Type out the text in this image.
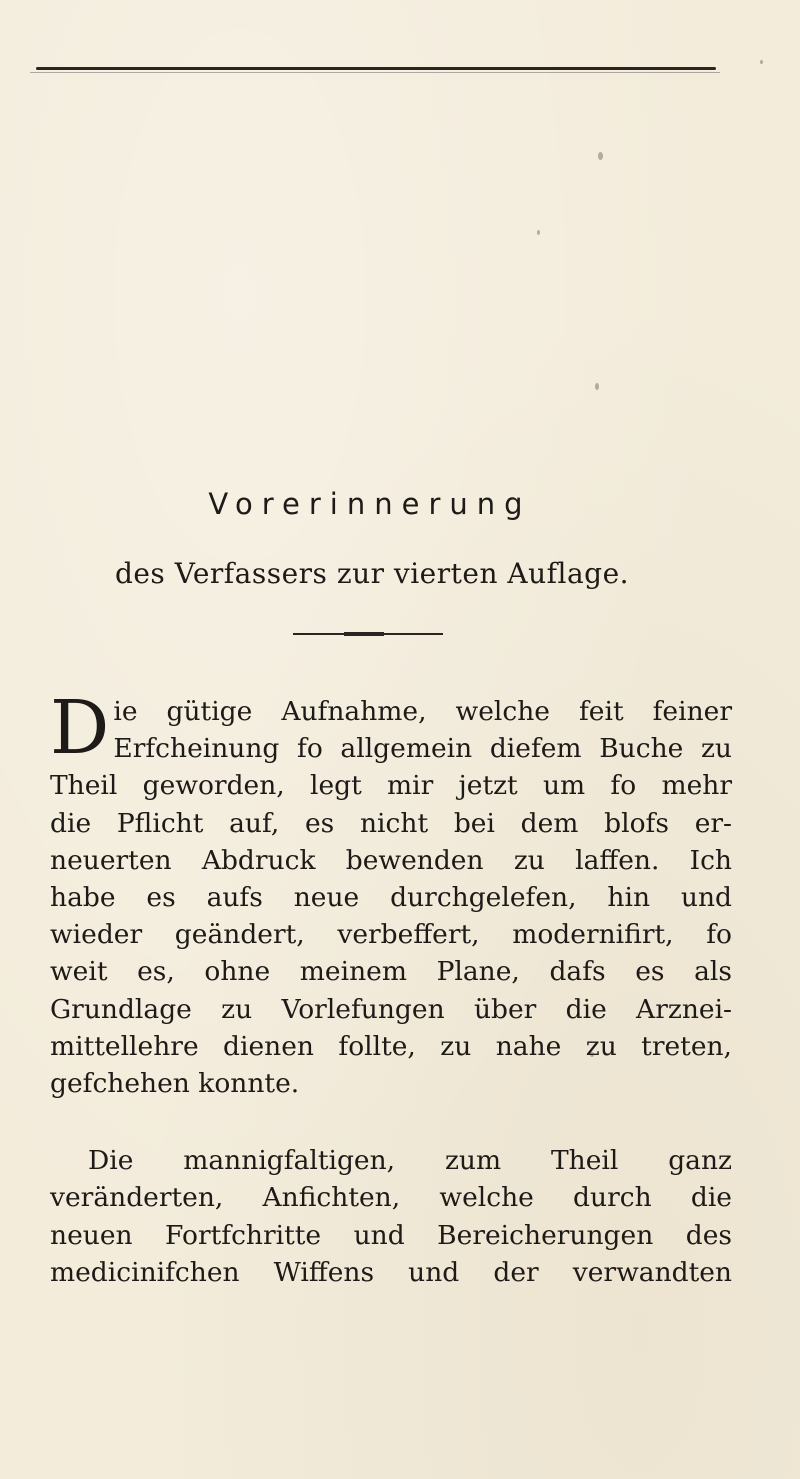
Vorerinnerung
des Verfassers zur vierten Auflage.
D ie gütige Aufnahme, welche feit feiner
Erfcheinung fo allgemein diefem Buche zu
Theil geworden, legt mir jetzt um fo mehr
die Pflicht auf, es nicht bei dem blofs er-
neuerten Abdruck bewenden zu laffen. Ich
habe es aufs neue durchgelefen, hin und
wieder geändert, verbeffert, modernifirt, fo
weit es, ohne meinem Plane, dafs es als
Grundlage zu Vorlefungen über die Arznei-
mittellehre dienen follte, zu nahe zu treten,
gefchehen konnte.
Die mannigfaltigen, zum Theil ganz
veränderten, Anfichten, welche durch die
neuen Fortfchritte und Bereicherungen des
medicinifchen Wiffens und der verwandten
